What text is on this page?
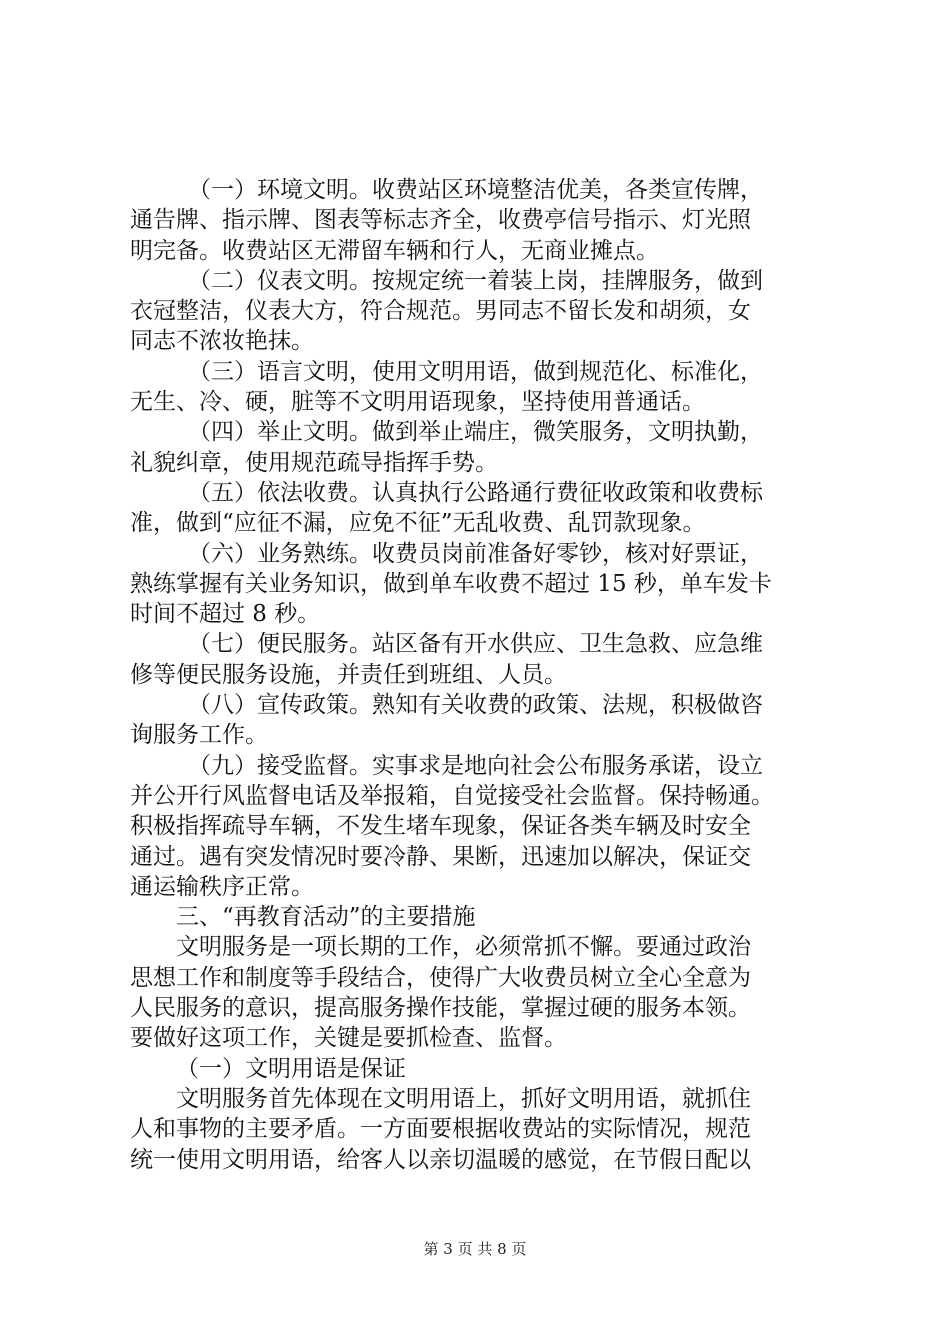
（一）环境文明。收费站区环境整洁优美，各类宣传牌，

通告牌、指示牌、图表等标志齐全，收费亭信号指示、灯光照

明完备。收费站区无滞留车辆和行人，无商业摊点。

（二）仪表文明。按规定统一着装上岗，挂牌服务，做到

衣冠整洁，仪表大方，符合规范。男同志不留长发和胡须，女

同志不浓妆艳抹。

（三）语言文明，使用文明用语，做到规范化、标准化，

无生、冷、硬，脏等不文明用语现象，坚持使用普通话。

（四）举止文明。做到举止端庄，微笑服务，文明执勤，

礼貌纠章，使用规范疏导指挥手势。

（五）依法收费。认真执行公路通行费征收政策和收费标

准，做到“应征不漏，应免不征”无乱收费、乱罚款现象。

（六）业务熟练。收费员岗前准备好零钞，核对好票证，

熟练掌握有关业务知识，做到单车收费不超过 15 秒，单车发卡

时间不超过 8 秒。

（七）便民服务。站区备有开水供应、卫生急救、应急维

修等便民服务设施，并责任到班组、人员。

（八）宣传政策。熟知有关收费的政策、法规，积极做咨

询服务工作。

（九）接受监督。实事求是地向社会公布服务承诺，设立

并公开行风监督电话及举报箱，自觉接受社会监督。保持畅通。

积极指挥疏导车辆，不发生堵车现象，保证各类车辆及时安全

通过。遇有突发情况时要冷静、果断，迅速加以解决，保证交

通运输秩序正常。

三、“再教育活动”的主要措施

文明服务是一项长期的工作，必须常抓不懈。要通过政治

思想工作和制度等手段结合，使得广大收费员树立全心全意为

人民服务的意识，提高服务操作技能，掌握过硬的服务本领。

要做好这项工作，关键是要抓检查、监督。

（一）文明用语是保证

文明服务首先体现在文明用语上，抓好文明用语，就抓住

人和事物的主要矛盾。一方面要根据收费站的实际情况，规范

统一使用文明用语，给客人以亲切温暖的感觉，在节假日配以

第 3 页 共 8 页
